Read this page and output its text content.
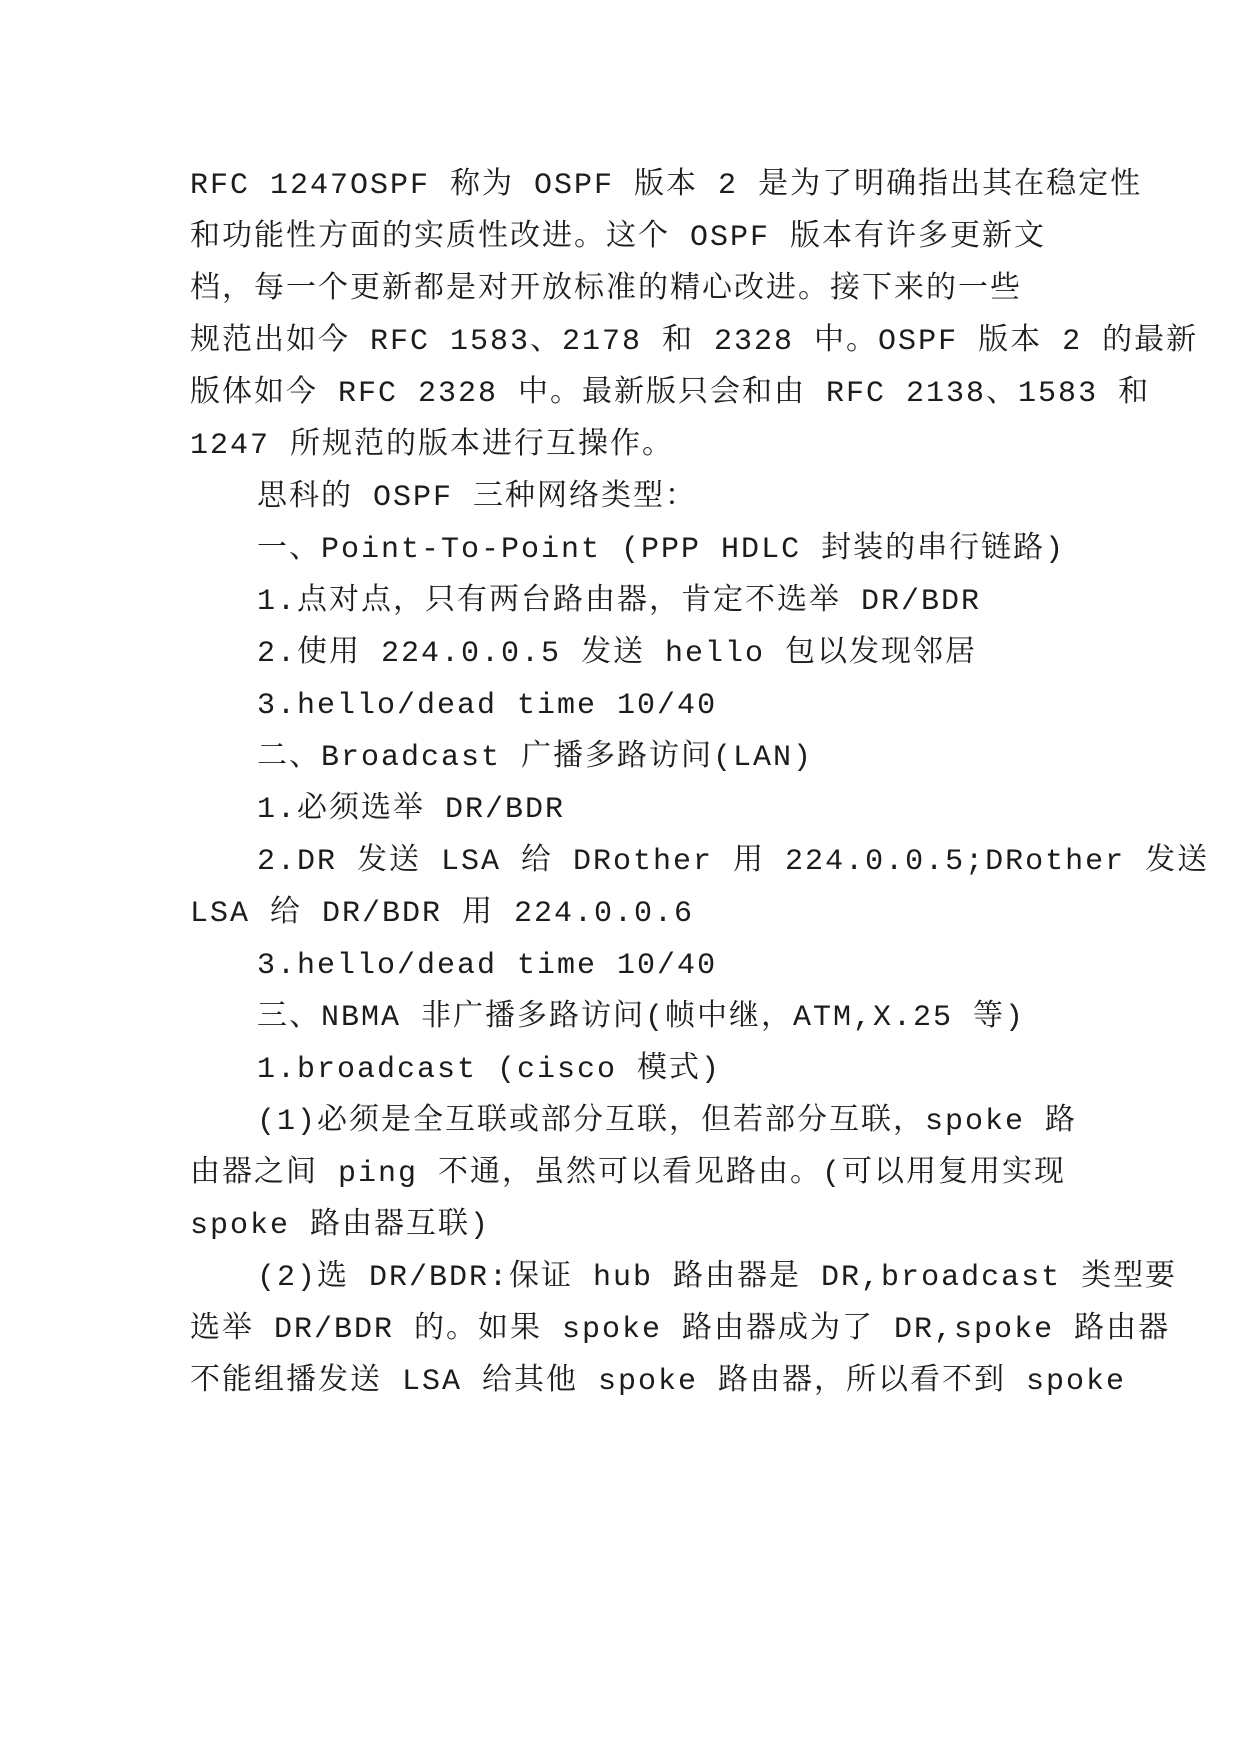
RFC 1247OSPF 称为 OSPF 版本 2 是为了明确指出其在稳定性
和功能性方面的实质性改进。这个 OSPF 版本有许多更新文
档，每一个更新都是对开放标准的精心改进。接下来的一些
规范出如今 RFC 1583、2178 和 2328 中。OSPF 版本 2 的最新
版体如今 RFC 2328 中。最新版只会和由 RFC 2138、1583 和
1247 所规范的版本进行互操作。
思科的 OSPF 三种网络类型：
一、Point-To-Point (PPP HDLC 封装的串行链路)
1.点对点，只有两台路由器，肯定不选举 DR/BDR
2.使用 224.0.0.5 发送 hello 包以发现邻居
3.hello/dead time 10/40
二、Broadcast 广播多路访问(LAN)
1.必须选举 DR/BDR
2.DR 发送 LSA 给 DRother 用 224.0.0.5;DRother 发送
LSA 给 DR/BDR 用 224.0.0.6
3.hello/dead time 10/40
三、NBMA 非广播多路访问(帧中继，ATM,X.25 等)
1.broadcast (cisco 模式)
(1)必须是全互联或部分互联，但若部分互联，spoke 路
由器之间 ping 不通，虽然可以看见路由。(可以用复用实现
spoke 路由器互联)
(2)选 DR/BDR:保证 hub 路由器是 DR,broadcast 类型要
选举 DR/BDR 的。如果 spoke 路由器成为了 DR,spoke 路由器
不能组播发送 LSA 给其他 spoke 路由器，所以看不到 spoke
